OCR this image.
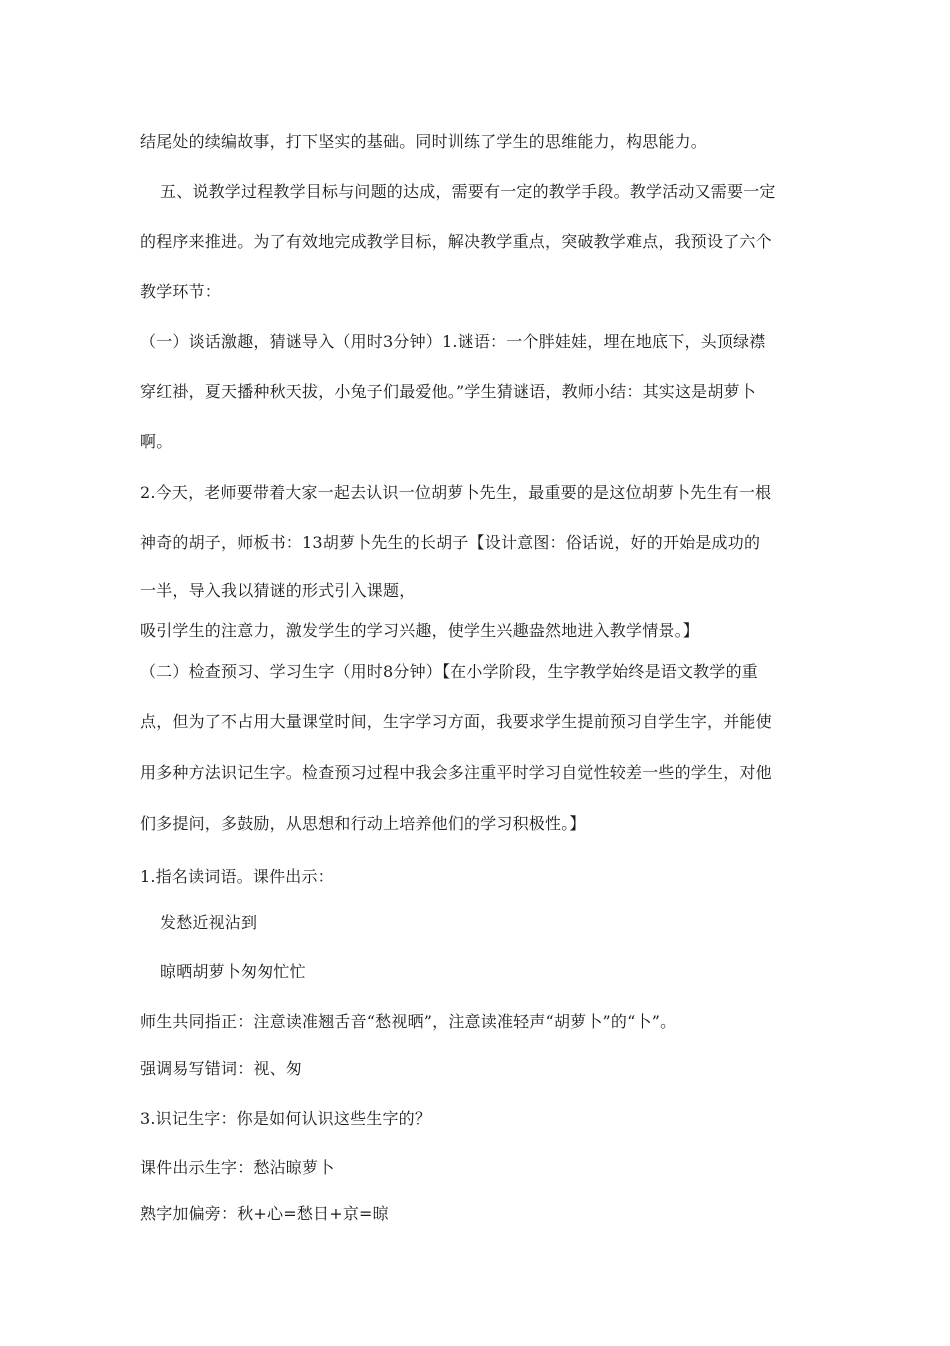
结尾处的续编故事，打下坚实的基础。同时训练了学生的思维能力，构思能力。
五、说教学过程教学目标与问题的达成，需要有一定的教学手段。教学活动又需要一定
的程序来推进。为了有效地完成教学目标，解决教学重点，突破教学难点，我预设了六个
教学环节：
（一）谈话激趣，猜谜导入（用时3分钟）1.谜语：一个胖娃娃，埋在地底下，头顶绿襟
穿红褂，夏天播种秋天拔，小兔子们最爱他。”学生猜谜语，教师小结：其实这是胡萝卜
啊。
2.今天，老师要带着大家一起去认识一位胡萝卜先生，最重要的是这位胡萝卜先生有一根
神奇的胡子，师板书：13胡萝卜先生的长胡子【设计意图：俗话说，好的开始是成功的
一半，导入我以猜谜的形式引入课题，
吸引学生的注意力，激发学生的学习兴趣，使学生兴趣盎然地进入教学情景。】
（二）检查预习、学习生字（用时8分钟）【在小学阶段，生字教学始终是语文教学的重
点，但为了不占用大量课堂时间，生字学习方面，我要求学生提前预习自学生字，并能使
用多种方法识记生字。检查预习过程中我会多注重平时学习自觉性较差一些的学生，对他
们多提问，多鼓励，从思想和行动上培养他们的学习积极性。】
1.指名读词语。课件出示：
发愁近视沾到
晾晒胡萝卜匆匆忙忙
师生共同指正：注意读准翘舌音“愁视晒”，注意读准轻声“胡萝卜”的“卜”。
强调易写错词：视、匆
3.识记生字：你是如何认识这些生字的？
课件出示生字：愁沾晾萝卜
熟字加偏旁：秋+心=愁日+京=晾
